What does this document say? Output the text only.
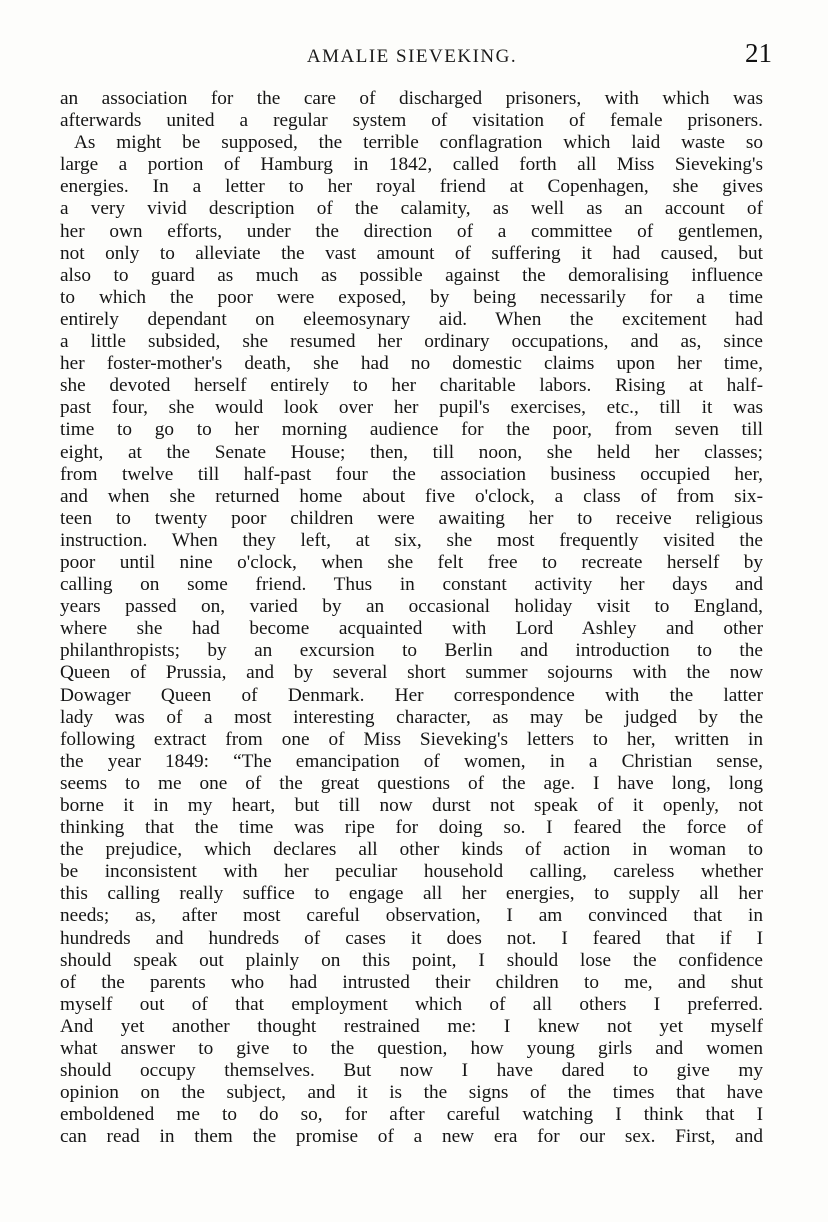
AMALIE SIEVEKING.	21
an association for the care of discharged prisoners, with which was
afterwards united a regular system of visitation of female prisoners.
As might be supposed, the terrible conflagration which laid waste so
large a portion of Hamburg in 1842, called forth all Miss Sieveking's
energies. In a letter to her royal friend at Copenhagen, she gives
a very vivid description of the calamity, as well as an account of
her own efforts, under the direction of a committee of gentlemen,
not only to alleviate the vast amount of suffering it had caused, but
also to guard as much as possible against the demoralising influence
to which the poor were exposed, by being necessarily for a time
entirely dependant on eleemosynary aid. When the excitement had
a little subsided, she resumed her ordinary occupations, and as, since
her foster-mother's death, she had no domestic claims upon her time,
she devoted herself entirely to her charitable labors. Rising at half-
past four, she would look over her pupil's exercises, etc., till it was
time to go to her morning audience for the poor, from seven till
eight, at the Senate House; then, till noon, she held her classes;
from twelve till half-past four the association business occupied her,
and when she returned home about five o'clock, a class of from six-
teen to twenty poor children were awaiting her to receive religious
instruction. When they left, at six, she most frequently visited the
poor until nine o'clock, when she felt free to recreate herself by
calling on some friend. Thus in constant activity her days and
years passed on, varied by an occasional holiday visit to England,
where she had become acquainted with Lord Ashley and other
philanthropists; by an excursion to Berlin and introduction to the
Queen of Prussia, and by several short summer sojourns with the now
Dowager Queen of Denmark. Her correspondence with the latter
lady was of a most interesting character, as may be judged by the
following extract from one of Miss Sieveking's letters to her, written in
the year 1849: “The emancipation of women, in a Christian sense,
seems to me one of the great questions of the age. I have long, long
borne it in my heart, but till now durst not speak of it openly, not
thinking that the time was ripe for doing so. I feared the force of
the prejudice, which declares all other kinds of action in woman to
be inconsistent with her peculiar household calling, careless whether
this calling really suffice to engage all her energies, to supply all her
needs; as, after most careful observation, I am convinced that in
hundreds and hundreds of cases it does not. I feared that if I
should speak out plainly on this point, I should lose the confidence
of the parents who had intrusted their children to me, and shut
myself out of that employment which of all others I preferred.
And yet another thought restrained me: I knew not yet myself
what answer to give to the question, how young girls and women
should occupy themselves. But now I have dared to give my
opinion on the subject, and it is the signs of the times that have
emboldened me to do so, for after careful watching I think that I
can read in them the promise of a new era for our sex. First, and
